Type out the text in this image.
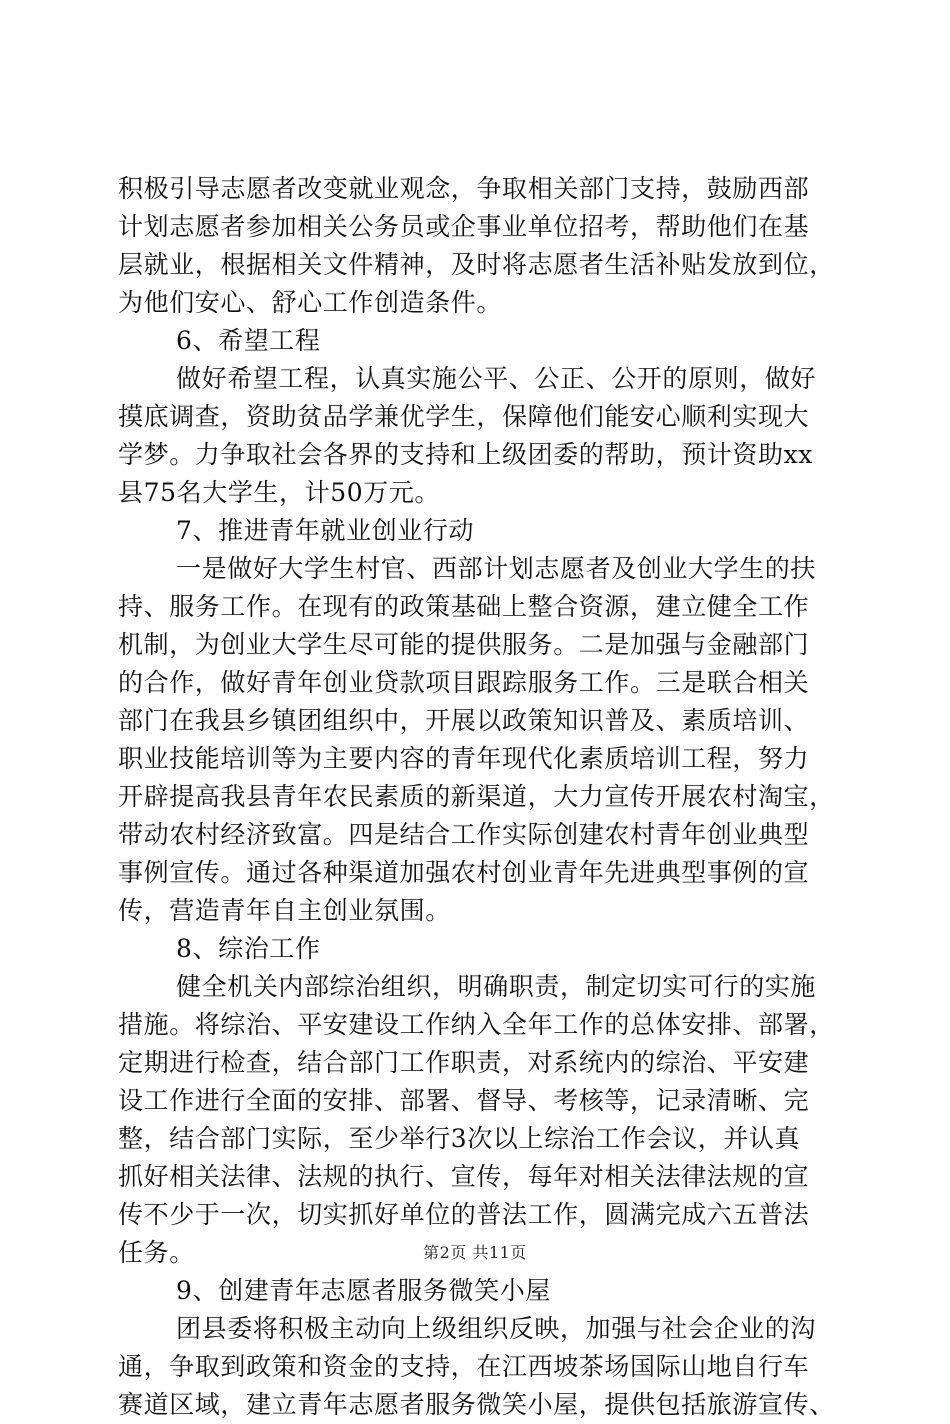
积极引导志愿者改变就业观念，争取相关部门支持，鼓励西部
计划志愿者参加相关公务员或企事业单位招考，帮助他们在基
层就业，根据相关文件精神，及时将志愿者生活补贴发放到位，
为他们安心、舒心工作创造条件。
6、希望工程
做好希望工程，认真实施公平、公正、公开的原则，做好
摸底调查，资助贫品学兼优学生，保障他们能安心顺利实现大
学梦。力争取社会各界的支持和上级团委的帮助，预计资助xx
县75名大学生，计50万元。
7、推进青年就业创业行动
一是做好大学生村官、西部计划志愿者及创业大学生的扶
持、服务工作。在现有的政策基础上整合资源，建立健全工作
机制，为创业大学生尽可能的提供服务。二是加强与金融部门
的合作，做好青年创业贷款项目跟踪服务工作。三是联合相关
部门在我县乡镇团组织中，开展以政策知识普及、素质培训、
职业技能培训等为主要内容的青年现代化素质培训工程，努力
开辟提高我县青年农民素质的新渠道，大力宣传开展农村淘宝，
带动农村经济致富。四是结合工作实际创建农村青年创业典型
事例宣传。通过各种渠道加强农村创业青年先进典型事例的宣
传，营造青年自主创业氛围。
8、综治工作
健全机关内部综治组织，明确职责，制定切实可行的实施
措施。将综治、平安建设工作纳入全年工作的总体安排、部署，
定期进行检查，结合部门工作职责，对系统内的综治、平安建
设工作进行全面的安排、部署、督导、考核等，记录清晰、完
整，结合部门实际，至少举行3次以上综治工作会议，并认真
抓好相关法律、法规的执行、宣传，每年对相关法律法规的宣
传不少于一次，切实抓好单位的普法工作，圆满完成六五普法
任务。
9、创建青年志愿者服务微笑小屋
团县委将积极主动向上级组织反映，加强与社会企业的沟
通，争取到政策和资金的支持，在江西坡茶场国际山地自行车
赛道区域，建立青年志愿者服务微笑小屋，提供包括旅游宣传、
第2页 共11页
